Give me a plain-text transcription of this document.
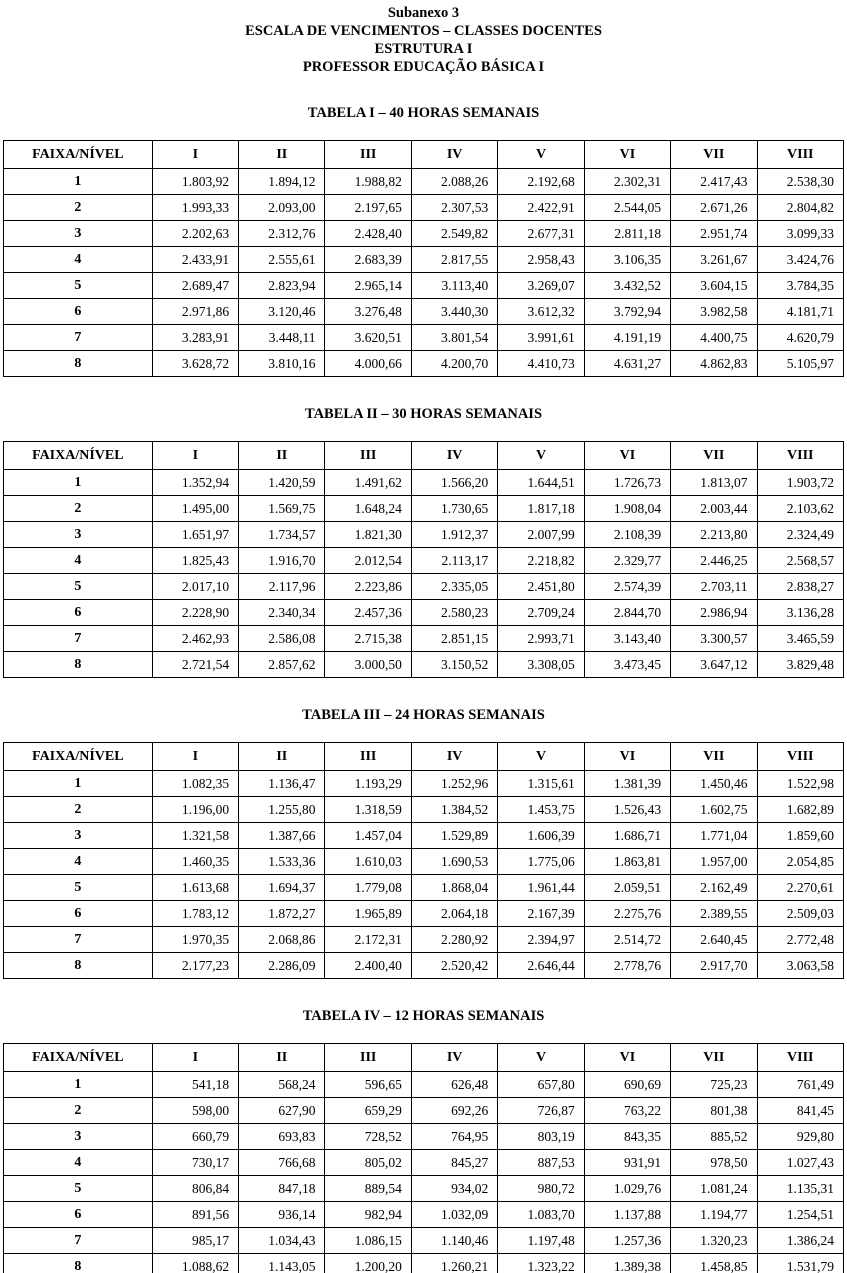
Subanexo 3
ESCALA DE VENCIMENTOS – CLASSES DOCENTES
ESTRUTURA I
PROFESSOR EDUCAÇÃO BÁSICA I
TABELA I – 40 HORAS SEMANAIS
FAIXA/NÍVEL	I	II	III	IV	V	VI	VII	VIII
1	1.803,92	1.894,12	1.988,82	2.088,26	2.192,68	2.302,31	2.417,43	2.538,30
2	1.993,33	2.093,00	2.197,65	2.307,53	2.422,91	2.544,05	2.671,26	2.804,82
3	2.202,63	2.312,76	2.428,40	2.549,82	2.677,31	2.811,18	2.951,74	3.099,33
4	2.433,91	2.555,61	2.683,39	2.817,55	2.958,43	3.106,35	3.261,67	3.424,76
5	2.689,47	2.823,94	2.965,14	3.113,40	3.269,07	3.432,52	3.604,15	3.784,35
6	2.971,86	3.120,46	3.276,48	3.440,30	3.612,32	3.792,94	3.982,58	4.181,71
7	3.283,91	3.448,11	3.620,51	3.801,54	3.991,61	4.191,19	4.400,75	4.620,79
8	3.628,72	3.810,16	4.000,66	4.200,70	4.410,73	4.631,27	4.862,83	5.105,97
TABELA II – 30 HORAS SEMANAIS
FAIXA/NÍVEL	I	II	III	IV	V	VI	VII	VIII
1	1.352,94	1.420,59	1.491,62	1.566,20	1.644,51	1.726,73	1.813,07	1.903,72
2	1.495,00	1.569,75	1.648,24	1.730,65	1.817,18	1.908,04	2.003,44	2.103,62
3	1.651,97	1.734,57	1.821,30	1.912,37	2.007,99	2.108,39	2.213,80	2.324,49
4	1.825,43	1.916,70	2.012,54	2.113,17	2.218,82	2.329,77	2.446,25	2.568,57
5	2.017,10	2.117,96	2.223,86	2.335,05	2.451,80	2.574,39	2.703,11	2.838,27
6	2.228,90	2.340,34	2.457,36	2.580,23	2.709,24	2.844,70	2.986,94	3.136,28
7	2.462,93	2.586,08	2.715,38	2.851,15	2.993,71	3.143,40	3.300,57	3.465,59
8	2.721,54	2.857,62	3.000,50	3.150,52	3.308,05	3.473,45	3.647,12	3.829,48
TABELA III – 24 HORAS SEMANAIS
FAIXA/NÍVEL	I	II	III	IV	V	VI	VII	VIII
1	1.082,35	1.136,47	1.193,29	1.252,96	1.315,61	1.381,39	1.450,46	1.522,98
2	1.196,00	1.255,80	1.318,59	1.384,52	1.453,75	1.526,43	1.602,75	1.682,89
3	1.321,58	1.387,66	1.457,04	1.529,89	1.606,39	1.686,71	1.771,04	1.859,60
4	1.460,35	1.533,36	1.610,03	1.690,53	1.775,06	1.863,81	1.957,00	2.054,85
5	1.613,68	1.694,37	1.779,08	1.868,04	1.961,44	2.059,51	2.162,49	2.270,61
6	1.783,12	1.872,27	1.965,89	2.064,18	2.167,39	2.275,76	2.389,55	2.509,03
7	1.970,35	2.068,86	2.172,31	2.280,92	2.394,97	2.514,72	2.640,45	2.772,48
8	2.177,23	2.286,09	2.400,40	2.520,42	2.646,44	2.778,76	2.917,70	3.063,58
TABELA IV – 12 HORAS SEMANAIS
FAIXA/NÍVEL	I	II	III	IV	V	VI	VII	VIII
1	541,18	568,24	596,65	626,48	657,80	690,69	725,23	761,49
2	598,00	627,90	659,29	692,26	726,87	763,22	801,38	841,45
3	660,79	693,83	728,52	764,95	803,19	843,35	885,52	929,80
4	730,17	766,68	805,02	845,27	887,53	931,91	978,50	1.027,43
5	806,84	847,18	889,54	934,02	980,72	1.029,76	1.081,24	1.135,31
6	891,56	936,14	982,94	1.032,09	1.083,70	1.137,88	1.194,77	1.254,51
7	985,17	1.034,43	1.086,15	1.140,46	1.197,48	1.257,36	1.320,23	1.386,24
8	1.088,62	1.143,05	1.200,20	1.260,21	1.323,22	1.389,38	1.458,85	1.531,79
